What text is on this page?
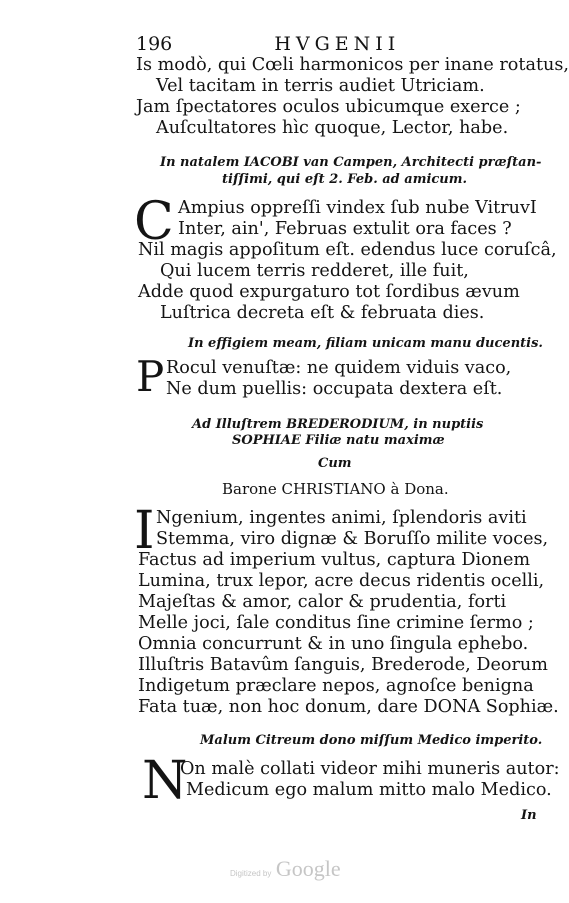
196	HVGENII
Is modò, qui Cœli harmonicos per inane rotatus,
Vel tacitam in terris audiet Utriciam.
Jam ſpectatores oculos ubicumque exerce ;
Auſcultatores hìc quoque, Lector, habe.
In natalem IACOBI van Campen, Architecti præſtan-
tiſſimi, qui eſt 2. Feb. ad amicum.
C Ampius oppreſſi vindex ſub nube VitruvI
Inter, ain', Februas extulit ora faces ?
Nil magis appoſitum eſt. edendus luce coruſcâ,
Qui lucem terris redderet, ille fuit,
Adde quod expurgaturo tot ſordibus ævum
Luſtrica decreta eſt & februata dies.
In effigiem meam, filiam unicam manu ducentis.
P Rocul venuſtæ: ne quidem viduis vaco,
Ne dum puellis: occupata dextera eſt.
Ad Illuſtrem BREDERODIUM, in nuptiis
SOPHIAE Filiæ natu maximæ
Cum
Barone CHRISTIANO à Dona.
I Ngenium, ingentes animi, ſplendoris aviti
Stemma, viro dignæ & Boruſſo milite voces,
Factus ad imperium vultus, captura Dionem
Lumina, trux lepor, acre decus ridentis ocelli,
Majeſtas & amor, calor & prudentia, forti
Melle joci, ſale conditus ſine crimine ſermo ;
Omnia concurrunt & in uno ſingula ephebo.
Illuſtris Batavûm ſanguis, Brederode, Deorum
Indigetum præclare nepos, agnoſce benigna
Fata tuæ, non hoc donum, dare DONA Sophiæ.
Malum Citreum dono miſſum Medico imperito.
N
On malè collati videor mihi muneris autor:
Medicum ego malum mitto malo Medico.
In
Digitized by Google
